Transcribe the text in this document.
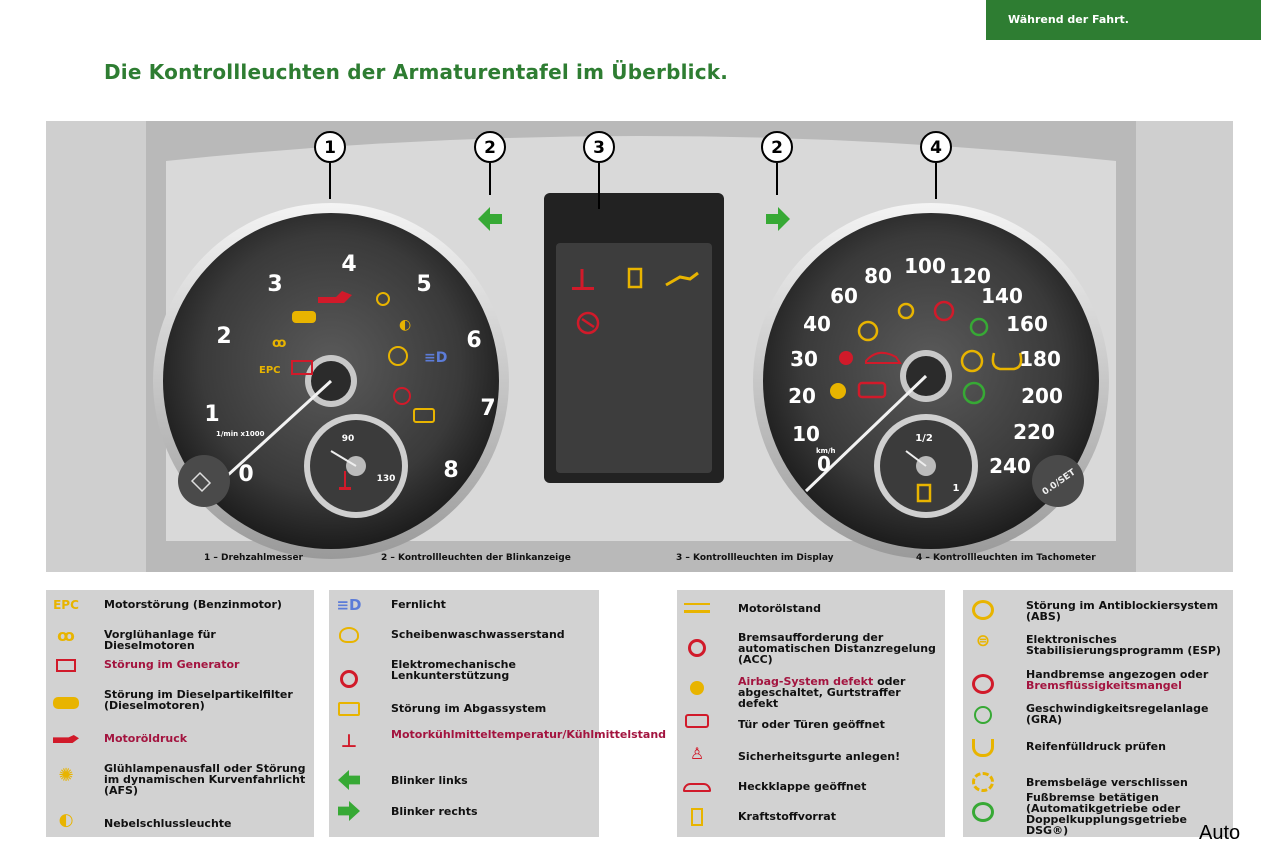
Während der Fahrt.
Die Kontrollleuchten der Armaturentafel im Überblick.
0.0/SET
1
2
3
4
5
6
7
8
0
1/min x1000	90
130
10
20
30
40
60
80 100 120
140
160
180
200
220
240
0
km/h
1/2
1
EPC
ꝏ
◐
≡D
1	2	3	2	4
1 – Drehzahlmesser	2 – Kontrollleuchten der Blinkanzeige	3 – Kontrollleuchten im Display	4 – Kontrollleuchten im Tachometer
EPC Motorstörung (Benzinmotor)
ꝏ	Vorglühanlage für Dieselmotoren
Störung im Generator
Störung im Dieselpartikelfilter (Dieselmotoren)
Motoröldruck
✺	Glühlampenausfall oder Störung im dynamischen Kurvenfahrlicht (AFS)
◐	Nebelschlussleuchte
≡D	Fernlicht
Scheibenwaschwasserstand
Elektromechanische Lenkunterstützung
Störung im Abgassystem
⊥	Motorkühlmitteltemperatur/Kühlmittelstand
Blinker links
Blinker rechts
Motorölstand
Bremsaufforderung der automatischen Distanzregelung (ACC)
Airbag-System defekt oder abgeschaltet, Gurtstraffer defekt
Tür oder Türen geöffnet
♙	Sicherheitsgurte anlegen!
Heckklappe geöffnet
Kraftstoffvorrat
Störung im Antiblockiersystem (ABS)
⊜	Elektronisches Stabilisierungsprogramm (ESP)
Handbremse angezogen oder Bremsflüssigkeitsmangel
Geschwindigkeitsregelanlage (GRA)
Reifenfülldruck prüfen
Bremsbeläge verschlissen
Fußbremse betätigen (Automatikgetriebe oder Doppelkupplungsgetriebe DSG®)	Auto
